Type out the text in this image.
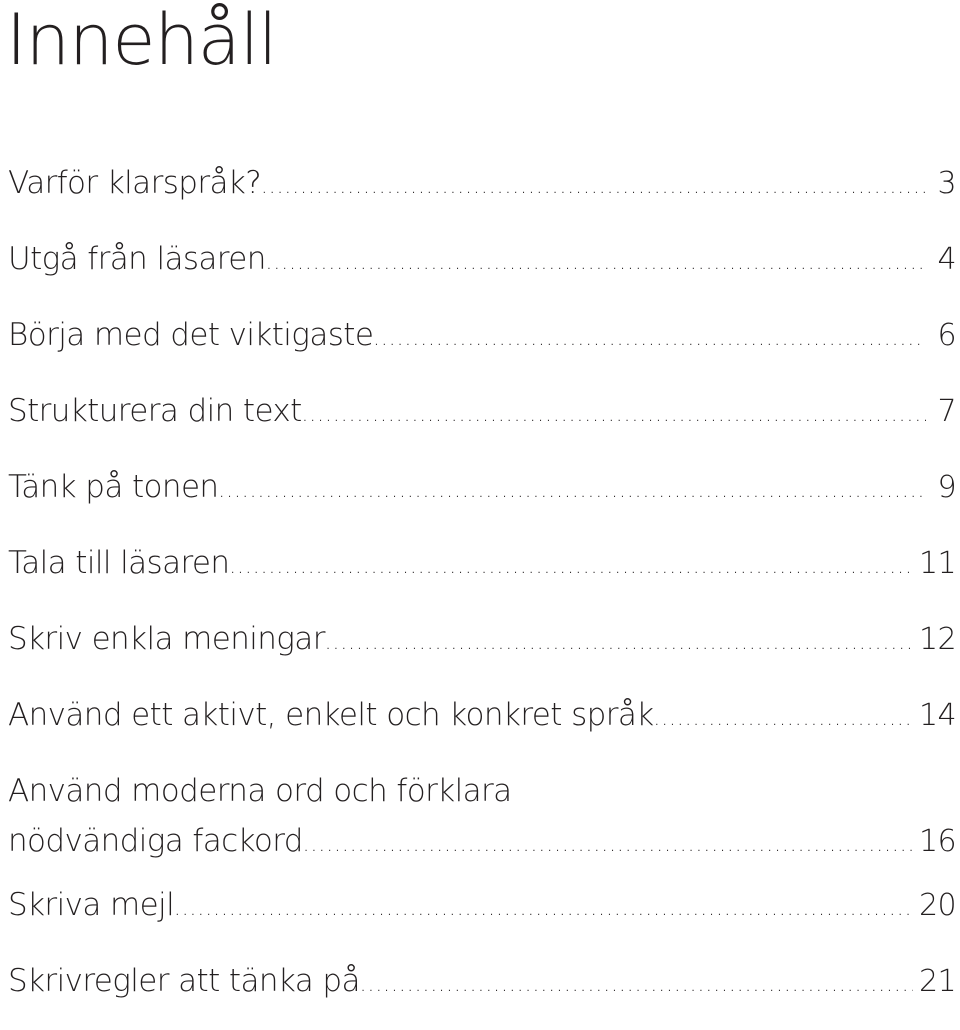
Innehåll
Varför klarspråk? .....	3
Utgå från läsaren .....	4
Börja med det viktigaste .....	6
Strukturera din text .....	7
Tänk på tonen .....	9
Tala till läsaren .....	11
Skriv enkla meningar .....	12
Använd ett aktivt, enkelt och konkret språk .....	14
Använd moderna ord och förklara
nödvändiga fackord .....	16
Skriva mejl .....	20
Skrivregler att tänka på .....	21
